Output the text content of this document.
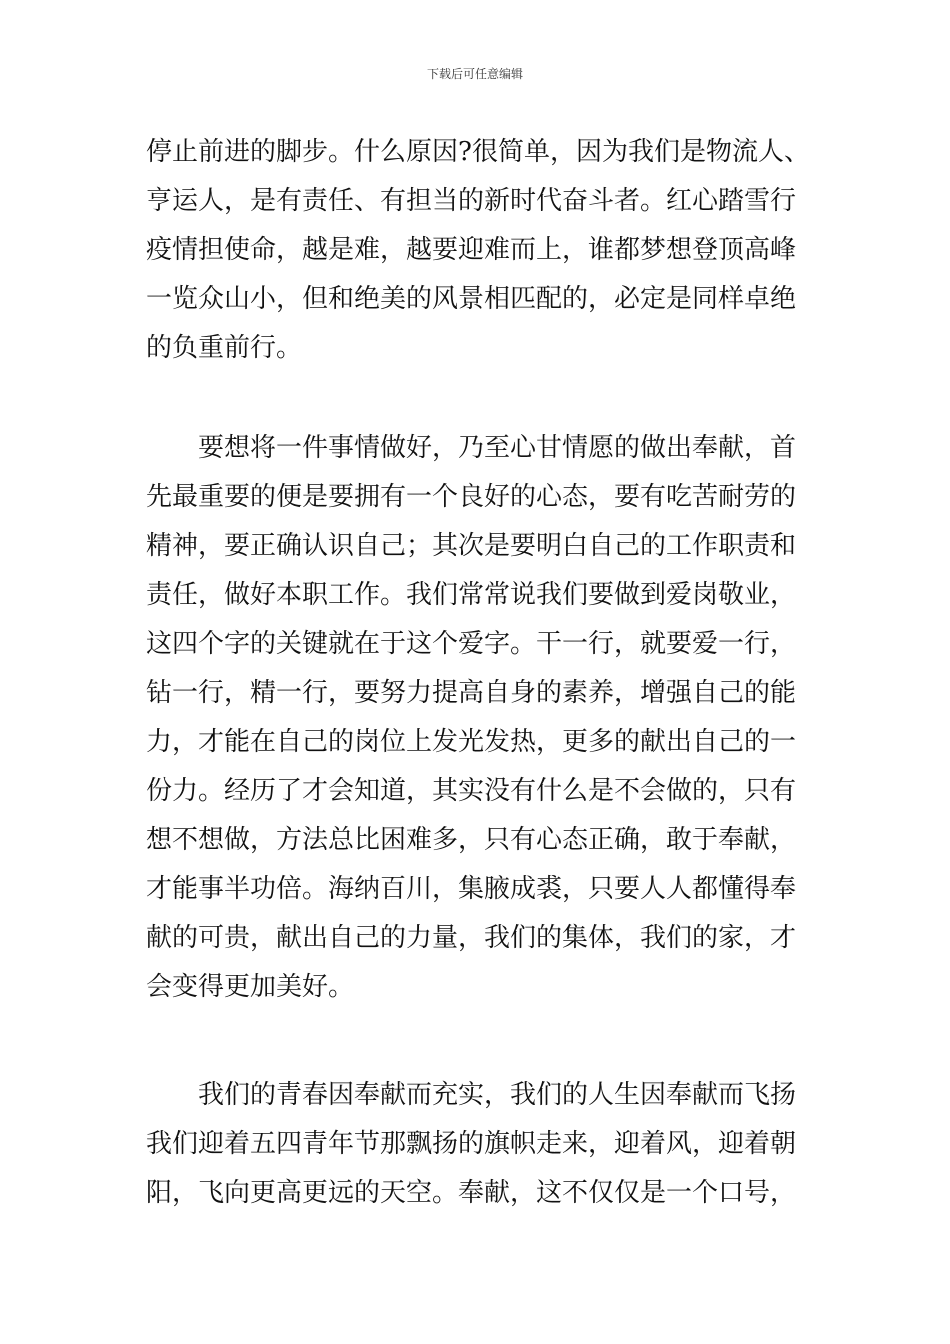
下载后可任意编辑
停止前进的脚步。什么原因?很简单，因为我们是物流人、
亨运人，是有责任、有担当的新时代奋斗者。红心踏雪行
疫情担使命，越是难，越要迎难而上，谁都梦想登顶高峰
一览众山小，但和绝美的风景相匹配的，必定是同样卓绝
的负重前行。
要想将一件事情做好，乃至心甘情愿的做出奉献，首
先最重要的便是要拥有一个良好的心态，要有吃苦耐劳的
精神，要正确认识自己；其次是要明白自己的工作职责和
责任，做好本职工作。我们常常说我们要做到爱岗敬业，
这四个字的关键就在于这个爱字。干一行，就要爱一行，
钻一行，精一行，要努力提高自身的素养，增强自己的能
力，才能在自己的岗位上发光发热，更多的献出自己的一
份力。经历了才会知道，其实没有什么是不会做的，只有
想不想做，方法总比困难多，只有心态正确，敢于奉献，
才能事半功倍。海纳百川，集腋成裘，只要人人都懂得奉
献的可贵，献出自己的力量，我们的集体，我们的家，才
会变得更加美好。
我们的青春因奉献而充实，我们的人生因奉献而飞扬
我们迎着五四青年节那飘扬的旗帜走来，迎着风，迎着朝
阳，飞向更高更远的天空。奉献，这不仅仅是一个口号，
